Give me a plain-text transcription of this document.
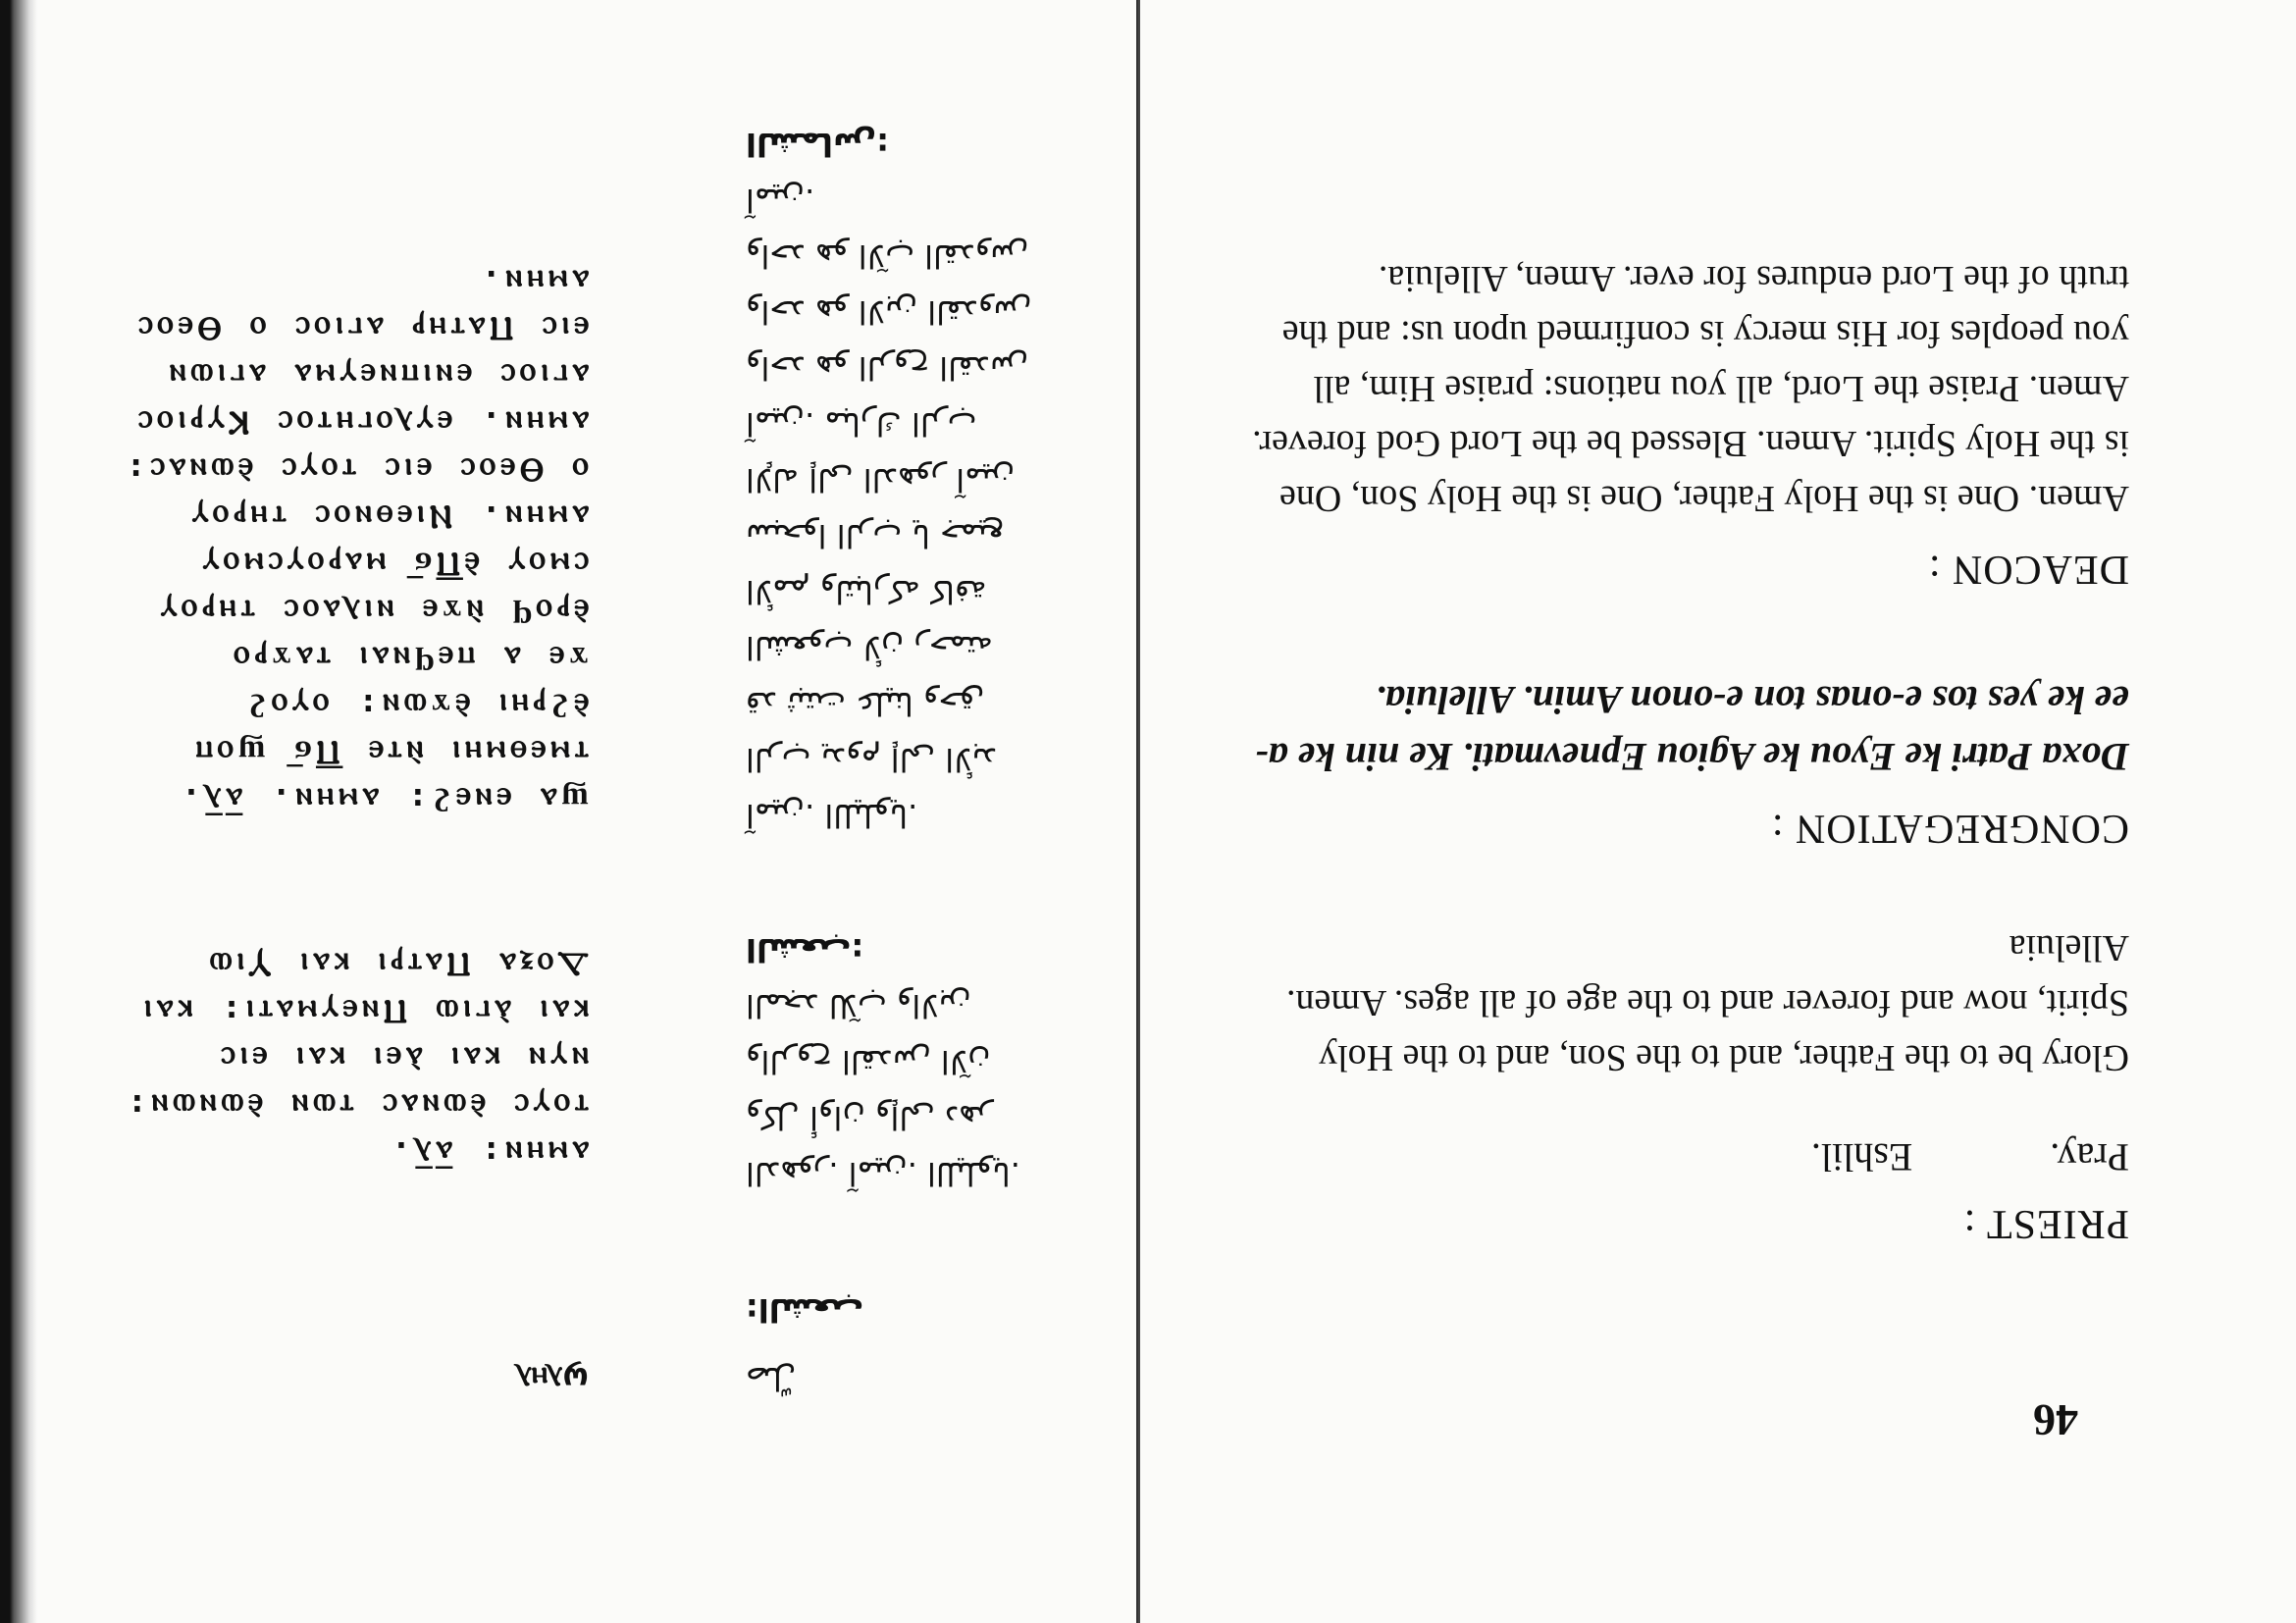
46
PRIEST :
Pray.
Eshlil.

Glory be to the Father, and to the Son, and to the Holy Spirit, now and forever and to the age of all ages. Amen. Alleluia

CONGREGATION :

Doxa Patri ke Eyou ke Agiou Epnevmati. Ke nin ke a-ee ke yes tos e-onas ton e-onon Amin. Alleluia.

DEACON :

Amen. One is the Holy Father, One is the Holy Son, One is the Holy Spirit. Amen. Blessed be the Lord God forever. Amen. Praise the Lord, all you nations: praise Him, all you peoples for His mercy is confirmed upon us: and the truth of the Lord endures for ever. Amen, Alleluia.

ϣⲗⲏⲗ	صلّ
الشعب:
ⲁⲙⲏⲛ: ⲁ̅ⲗ̅.
ⲧⲟⲩⲥ ⲉ̀ⲱⲛⲁⲥ ⲧⲱⲛ ⲉ̀ⲱⲛⲱⲛ:
ⲛⲩⲛ ⲕⲁⲓ ⲁ̀ⲉⲓ ⲕⲁⲓ ⲉⲓⲥ
ⲕⲁⲓ ⲁ̀ⲅⲓⲱ Ⲡⲛⲉⲩⲙⲁⲧⲓ: ⲕⲁⲓ
Ⲇⲟⲝⲁ Ⲡⲁⲧⲣⲓ ⲕⲁⲓ Ⲩⲓⲱ
الدهور. آمين. الليلويا.
وكل أوان وإلى دهر
والروح القدس الآن
المجد للآب والابن
الشعب:
ϣⲁ ⲉⲛⲉϩ: ⲁⲙⲏⲛ. ⲁ̅ⲗ̅.
ⲧⲙⲉⲑⲙⲏⲓ ⲛ̀ⲧⲉ Ⲡ̅ϭ̅ ϣⲟⲡ
ⲉ̀ϩⲣⲏⲓ ⲉ̀ϫⲱⲛ: ⲟⲩⲟϩ
ϫⲉ ⲁ ⲡⲉϥⲛⲁⲓ ⲧⲁϫⲣⲟ
ⲉ̀ⲣⲟϥ ⲛ̀ϫⲉ ⲛⲓⲗⲁⲟⲥ ⲧⲏⲣⲟⲩ
ⲥⲙⲟⲩ ⲉ̀Ⲡ̅ϭ̅ ⲙⲁⲣⲟⲩⲥⲙⲟⲩ
ⲁⲙⲏⲛ. Ⲛⲓⲉⲑⲛⲟⲥ ⲧⲏⲣⲟⲩ
ⲟ Ⲑⲉⲟⲥ ⲉⲓⲥ ⲧⲟⲩⲥ ⲉ̀ⲱⲛⲁⲥ:
ⲁⲙⲏⲛ. ⲉⲩⲗⲟⲅⲏⲧⲟⲥ Ⲕⲩⲣⲓⲟⲥ
ⲁⲅⲓⲟⲥ ⲉⲛⲓⲡⲛⲉⲩⲙⲁ ⲁⲅⲓⲱⲛ
ⲉⲓⲥ Ⲡⲁⲧⲏⲣ ⲁⲅⲓⲟⲥ ⲟ Ⲑⲉⲟⲥ
ⲁⲙⲏⲛ.
آمين. الليلويا.
الرب يدوم إلى الأبد
قد ثبتت علينا وحق
الشعوب لأن رحمته
الأمم ولتباركه كافة
سبحوا الرب يا جميع
الإله إلى الدهور آمين
آمين. مبارك الرب
واحد هو الروح القدس
واحد هو الابن القدوس
واحد هو الآب القدوس
آمين.
الشماس:
